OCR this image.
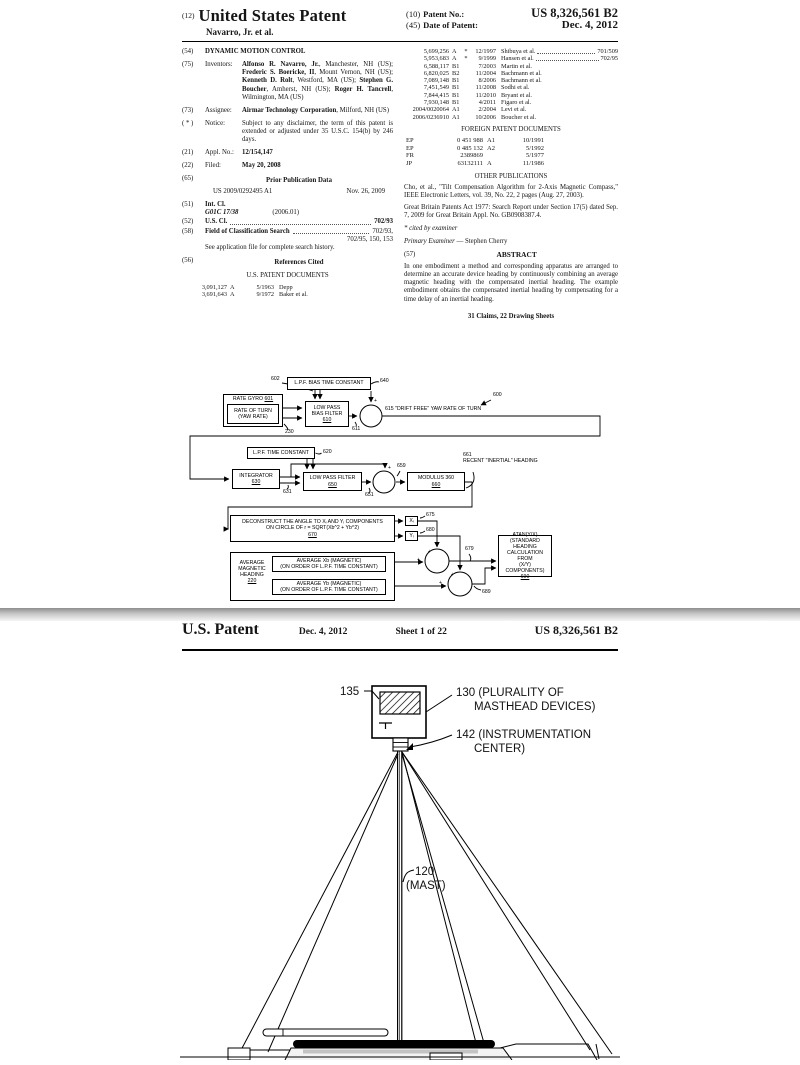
(12) United States Patent
Navarro, Jr. et al.
(10) Patent No.:	US 8,326,561 B2
(45) Date of Patent:	Dec. 4, 2012
(54)	DYNAMIC MOTION CONTROL
(75)	Inventors:	Alfonso R. Navarro, Jr., Manchester, NH (US); Frederic S. Boericke, II, Mount Vernon, NH (US); Kenneth D. Rolt, Westford, MA (US); Stephen G. Boucher, Amherst, NH (US); Roger H. Tancrell, Wilmington, MA (US)
(73)	Assignee:	Airmar Technology Corporation, Milford, NH (US)
( * )	Notice:	Subject to any disclaimer, the term of this patent is extended or adjusted under 35 U.S.C. 154(b) by 246 days.
(21)	Appl. No.:	12/154,147
(22)	Filed:	May 20, 2008
(65)	Prior Publication Data
US 2009/0292495 A1	Nov. 26, 2009
(51)	Int. Cl.
G01C 17/38	(2006.01)
(52)	U.S. Cl.	702/93
(58)	Field of Classification Search	702/93,
702/95, 150, 153
See application file for complete search history.
(56)	References Cited
U.S. PATENT DOCUMENTS
3,091,127 A	5/1963 Depp
3,691,643 A	9/1972 Baker et al.
5,699,256 A	*	12/1997 Shibuya et al.	701/509
5,953,683 A	*	9/1999 Hansen et al.	702/95
6,588,117 B1	7/2003 Martin et al.
6,820,025 B2	11/2004 Bachmann et al.
7,089,148 B1	8/2006 Bachmann et al.
7,451,549 B1	11/2008 Sodhi et al.
7,844,415 B1	11/2010 Bryant et al.
7,930,148 B1	4/2011 Figaro et al.
2004/0020064 A1	2/2004 Levi et al.
2006/0236910 A1	10/2006 Boucher et al.
FOREIGN PATENT DOCUMENTS
EP	0 451 988 A1	10/1991
EP	0 485 132 A2	5/1992
FR	2389869	5/1977
JP	63132111 A	11/1986
OTHER PUBLICATIONS
Cho, et al., "Tilt Compensation Algorithm for 2-Axis Magnetic Compass," IEEE Electronic Letters, vol. 39, No. 22, 2 pages (Aug. 27, 2003).
Great Britain Patents Act 1977: Search Report under Section 17(5) dated Sep. 7, 2009 for Great Britain Appl. No. GB0908387.4.
* cited by examiner
Primary Examiner — Stephen Cherry
(57)	ABSTRACT
In one embodiment a method and corresponding apparatus are arranged to determine an accurate device heading by continuously combining an average magnetic heading with the compensated inertial heading. The example embodiment obtains the compensated inertial heading by compensating for a time delay of an inertial heading.
31 Claims, 22 Drawing Sheets
+
-
+
-
+
+
+
+
L.P.F. BIAS TIME CONSTANT
RATE GYRO 601
RATE OF TURN
(YAW RATE)
LOW PASS
BIAS FILTER
610
L.P.F. TIME CONSTANT
INTEGRATOR
630
LOW PASS FILTER
650
MODULUS 360
660
DECONSTRUCT THE ANGLE TO Xᵢ AND Yᵢ COMPONENTS
ON CIRCLE OF r = SQRT(Xb^2 + Yb^2)
670
Xᵢ
Yᵢ
AVERAGE MAGNETIC HEADING
220
AVERAGE Xb (MAGNETIC)
(ON ORDER OF L.P.F. TIME CONSTANT)
AVERAGE Yb (MAGNETIC)
(ON ORDER OF L.P.F. TIME CONSTANT)
ATAN(Y/X)
(STANDARD HEADING
CALCULATION FROM
(X/Y) COMPONENTS)
690
640
602
230	611
615 "DRIFT FREE" YAW RATE OF TURN
600
620
631	651
659
661
RECENT "INERTIAL" HEADING
675
680
679
689
U.S. Patent	Dec. 4, 2012	Sheet 1 of 22	US 8,326,561 B2
135	130 (PLURALITY OF
MASTHEAD DEVICES)
142 (INSTRUMENTATION
CENTER)
120
(MAST)
